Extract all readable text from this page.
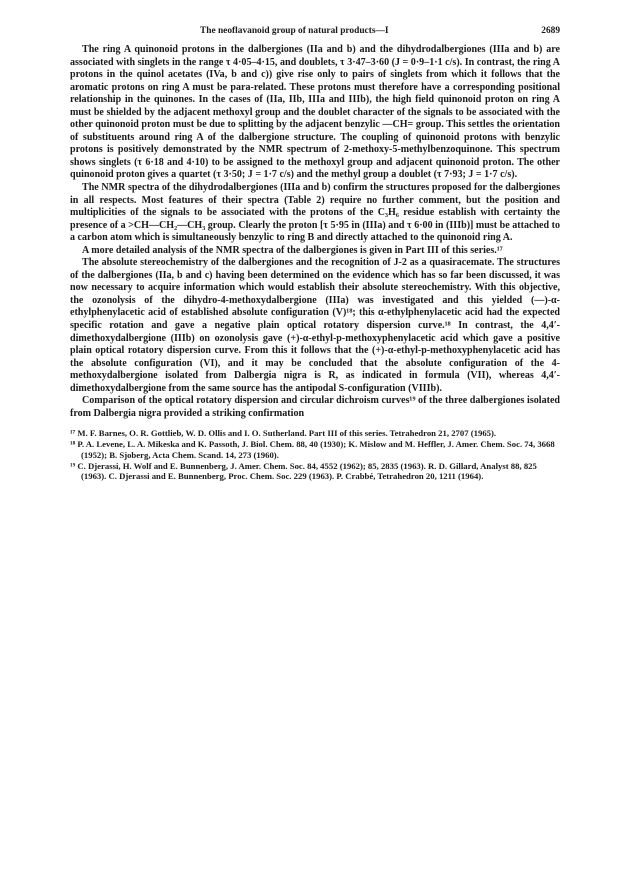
The neoflavanoid group of natural products—I	2689

The ring A quinonoid protons in the dalbergiones (IIa and b) and the dihydrodalbergiones (IIIa and b) are associated with singlets in the range τ 4·05–4·15, and doublets, τ 3·47–3·60 (J = 0·9–1·1 c/s). In contrast, the ring A protons in the quinol acetates (IVa, b and c)) give rise only to pairs of singlets from which it follows that the aromatic protons on ring A must be para-related. These protons must therefore have a corresponding positional relationship in the quinones. In the cases of (IIa, IIb, IIIa and IIIb), the high field quinonoid proton on ring A must be shielded by the adjacent methoxyl group and the doublet character of the signals to be associated with the other quinonoid proton must be due to splitting by the adjacent benzylic —CH= group. This settles the orientation of substituents around ring A of the dalbergione structure. The coupling of quinonoid protons with benzylic protons is positively demonstrated by the NMR spectrum of 2-methoxy-5-methylbenzoquinone. This spectrum shows singlets (τ 6·18 and 4·10) to be assigned to the methoxyl group and adjacent quinonoid proton. The other quinonoid proton gives a quartet (τ 3·50; J = 1·7 c/s) and the methyl group a doublet (τ 7·93; J = 1·7 c/s).

The NMR spectra of the dihydrodalbergiones (IIIa and b) confirm the structures proposed for the dalbergiones in all respects. Most features of their spectra (Table 2) require no further comment, but the position and multiplicities of the signals to be associated with the protons of the C₃H₆ residue establish with certainty the presence of a >CH—CH₂—CH₃ group. Clearly the proton [τ 5·95 in (IIIa) and τ 6·00 in (IIIb)] must be attached to a carbon atom which is simultaneously benzylic to ring B and directly attached to the quinonoid ring A.

A more detailed analysis of the NMR spectra of the dalbergiones is given in Part III of this series.¹⁷

The absolute stereochemistry of the dalbergiones and the recognition of J-2 as a quasiracemate. The structures of the dalbergiones (IIa, b and c) having been determined on the evidence which has so far been discussed, it was now necessary to acquire information which would establish their absolute stereochemistry. With this objective, the ozonolysis of the dihydro-4-methoxydalbergione (IIIa) was investigated and this yielded (—)-α-ethylphenylacetic acid of established absolute configuration (V)¹⁸; this α-ethylphenylacetic acid had the expected specific rotation and gave a negative plain optical rotatory dispersion curve.¹⁸ In contrast, the 4,4′-dimethoxydalbergione (IIIb) on ozonolysis gave (+)-α-ethyl-p-methoxyphenylacetic acid which gave a positive plain optical rotatory dispersion curve. From this it follows that the (+)-α-ethyl-p-methoxyphenylacetic acid has the absolute configuration (VI), and it may be concluded that the absolute configuration of the 4-methoxydalbergione isolated from Dalbergia nigra is R, as indicated in formula (VII), whereas 4,4′-dimethoxydalbergione from the same source has the antipodal S-configuration (VIIIb).

Comparison of the optical rotatory dispersion and circular dichroism curves¹⁹ of the three dalbergiones isolated from Dalbergia nigra provided a striking confirmation

¹⁷ M. F. Barnes, O. R. Gottlieb, W. D. Ollis and I. O. Sutherland. Part III of this series. Tetrahedron 21, 2707 (1965).

¹⁸ P. A. Levene, L. A. Mikeska and K. Passoth, J. Biol. Chem. 88, 40 (1930); K. Mislow and M. Heffler, J. Amer. Chem. Soc. 74, 3668 (1952); B. Sjoberg, Acta Chem. Scand. 14, 273 (1960).

¹⁹ C. Djerassi, H. Wolf and E. Bunnenberg, J. Amer. Chem. Soc. 84, 4552 (1962); 85, 2835 (1963). R. D. Gillard, Analyst 88, 825 (1963). C. Djerassi and E. Bunnenberg, Proc. Chem. Soc. 229 (1963). P. Crabbé, Tetrahedron 20, 1211 (1964).
